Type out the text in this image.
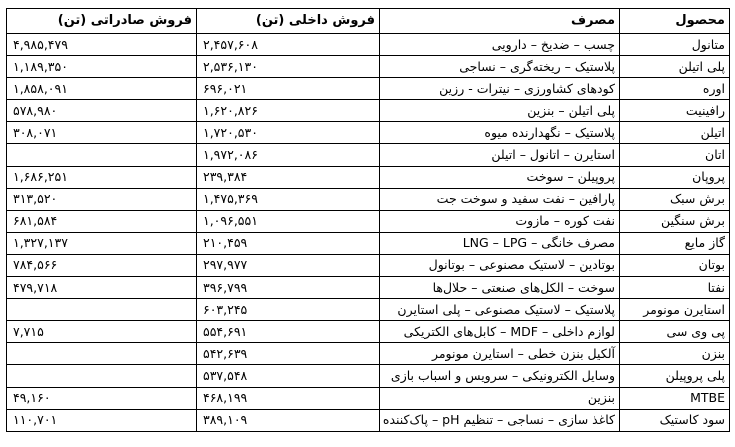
محصول	مصرف	فروش داخلی (تن)	فروش صادراتی (تن)
متانول	چسب – ضدیخ – دارویی	۲,۴۵۷,۶۰۸	۴,۹۸۵,۴۷۹
پلی اتیلن	پلاستیک – ریخته‌گری – نساجی	۲,۵۳۶,۱۳۰	۱,۱۸۹,۳۵۰
اوره	کودهای کشاورزی – نیترات - رزین	۶۹۶,۰۲۱	۱,۸۵۸,۰۹۱
رافینیت	پلی اتیلن – بنزین	۱,۶۲۰,۸۲۶	۵۷۸,۹۸۰
اتیلن	پلاستیک – نگهدارنده میوه	۱,۷۲۰,۵۳۰	۳۰۸,۰۷۱
اتان	استایرن – اتانول – اتیلن	۱,۹۷۲,۰۸۶	
پروپان	پروپیلن – سوخت	۲۳۹,۳۸۴	۱,۶۸۶,۲۵۱
برش سبک	پارافین – نفت سفید و سوخت جت	۱,۴۷۵,۳۶۹	۳۱۳,۵۲۰
برش سنگین	نفت کوره – مازوت	۱,۰۹۶,۵۵۱	۶۸۱,۵۸۴
گاز مایع	مصرف خانگی – LNG – LPG	۲۱۰,۴۵۹	۱,۳۲۷,۱۳۷
بوتان	بوتادین – لاستیک مصنوعی – بوتانول	۲۹۷,۹۷۷	۷۸۴,۵۶۶
نفتا	سوخت – الکل‌های صنعتی – حلال‌ها	۳۹۶,۷۹۹	۴۷۹,۷۱۸
استایرن مونومر	پلاستیک – لاستیک مصنوعی – پلی استایرن	۶۰۳,۲۴۵	
پی وی سی	لوازم داخلی – MDF – کابل‌های الکتریکی	۵۵۴,۶۹۱	۷,۷۱۵
بنزن	آلکیل بنزن خطی – استایرن مونومر	۵۴۲,۶۳۹	
پلی پروپیلن	وسایل الکترونیکی – سرویس و اسباب بازی	۵۳۷,۵۴۸	
MTBE	بنزین	۴۶۸,۱۹۹	۴۹,۱۶۰
سود کاستیک	کاغذ سازی – نساجی – تنظیم pH – پاک‌کننده	۳۸۹,۱۰۹	۱۱۰,۷۰۱
